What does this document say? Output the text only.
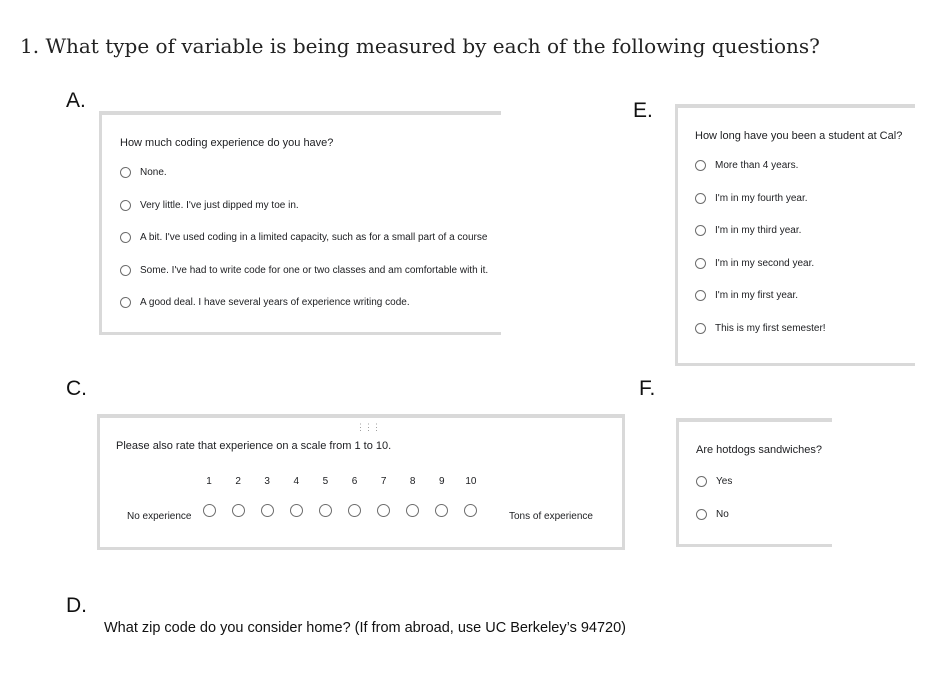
1. What type of variable is being measured by each of the following questions?
A.
How much coding experience do you have?
None.
Very little. I've just dipped my toe in.
A bit. I've used coding in a limited capacity, such as for a small part of a course
Some. I've had to write code for one or two classes and am comfortable with it.
A good deal. I have several years of experience writing code.
E.
How long have you been a student at Cal?
More than 4 years.
I'm in my fourth year.
I'm in my third year.
I'm in my second year.
I'm in my first year.
This is my first semester!
C.
⋮⋮⋮
Please also rate that experience on a scale from 1 to 10.
1	2	3	4	5	6	7	8	9	10
No experience	Tons of experience
F.
Are hotdogs sandwiches?
Yes
No
D.
What zip code do you consider home? (If from abroad, use UC Berkeley’s 94720)
